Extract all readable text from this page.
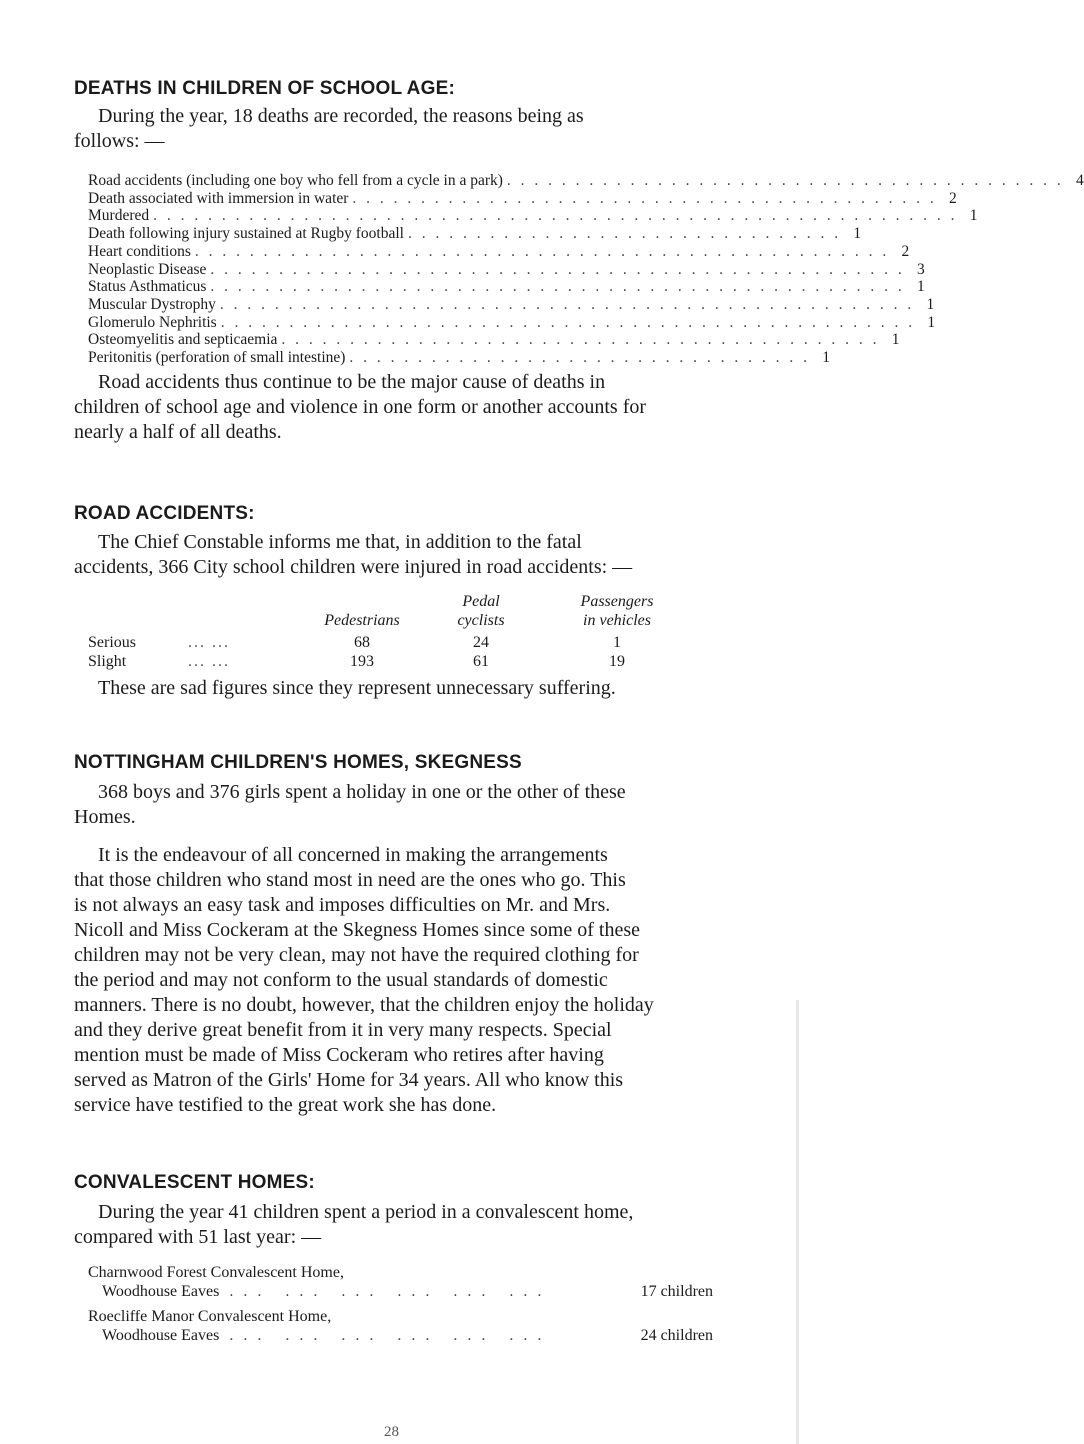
DEATHS IN CHILDREN OF SCHOOL AGE:
During the year, 18 deaths are recorded, the reasons being as
follows: —
Road accidents (including one boy who fell from a cycle in a park) . . . . . . . . . . . . . . . . . . . . . . . . . . . . . . . . . . . . . . . . . 4
Death associated with immersion in water . . . . . . . . . . . . . . . . . . . . . . . . . . . . . . . . . . . . . . . . . . . 2
Murdered . . . . . . . . . . . . . . . . . . . . . . . . . . . . . . . . . . . . . . . . . . . . . . . . . . . . . . . . . . . 1
Death following injury sustained at Rugby football . . . . . . . . . . . . . . . . . . . . . . . . . . . . . . . . 1
Heart conditions . . . . . . . . . . . . . . . . . . . . . . . . . . . . . . . . . . . . . . . . . . . . . . . . . . . 2
Neoplastic Disease . . . . . . . . . . . . . . . . . . . . . . . . . . . . . . . . . . . . . . . . . . . . . . . . . . . 3
Status Asthmaticus . . . . . . . . . . . . . . . . . . . . . . . . . . . . . . . . . . . . . . . . . . . . . . . . . . . 1
Muscular Dystrophy . . . . . . . . . . . . . . . . . . . . . . . . . . . . . . . . . . . . . . . . . . . . . . . . . . . 1
Glomerulo Nephritis . . . . . . . . . . . . . . . . . . . . . . . . . . . . . . . . . . . . . . . . . . . . . . . . . . . 1
Osteomyelitis and septicaemia . . . . . . . . . . . . . . . . . . . . . . . . . . . . . . . . . . . . . . . . . . . . 1
Peritonitis (perforation of small intestine) . . . . . . . . . . . . . . . . . . . . . . . . . . . . . . . . . . 1
Road accidents thus continue to be the major cause of deaths in
children of school age and violence in one form or another accounts for
nearly a half of all deaths.
ROAD ACCIDENTS:
The Chief Constable informs me that, in addition to the fatal
accidents, 366 City school children were injured in road accidents: —
Pedal	Passengers
Pedestrians	cyclists	in vehicles
Serious	... ...	68	24	1
Slight	... ...	193	61	19
These are sad figures since they represent unnecessary suffering.
NOTTINGHAM CHILDREN'S HOMES, SKEGNESS
368 boys and 376 girls spent a holiday in one or the other of these
Homes.
It is the endeavour of all concerned in making the arrangements
that those children who stand most in need are the ones who go. This
is not always an easy task and imposes difficulties on Mr. and Mrs.
Nicoll and Miss Cockeram at the Skegness Homes since some of these
children may not be very clean, may not have the required clothing for
the period and may not conform to the usual standards of domestic
manners. There is no doubt, however, that the children enjoy the holiday
and they derive great benefit from it in very many respects. Special
mention must be made of Miss Cockeram who retires after having
served as Matron of the Girls' Home for 34 years. All who know this
service have testified to the great work she has done.
CONVALESCENT HOMES:
During the year 41 children spent a period in a convalescent home,
compared with 51 last year: —
Charnwood Forest Convalescent Home,
Woodhouse Eaves . . .   . . .   . . .   . . .   . . .   . . .	17 children
Roecliffe Manor Convalescent Home,
Woodhouse Eaves . . .   . . .   . . .   . . .   . . .   . . .	24 children
28
